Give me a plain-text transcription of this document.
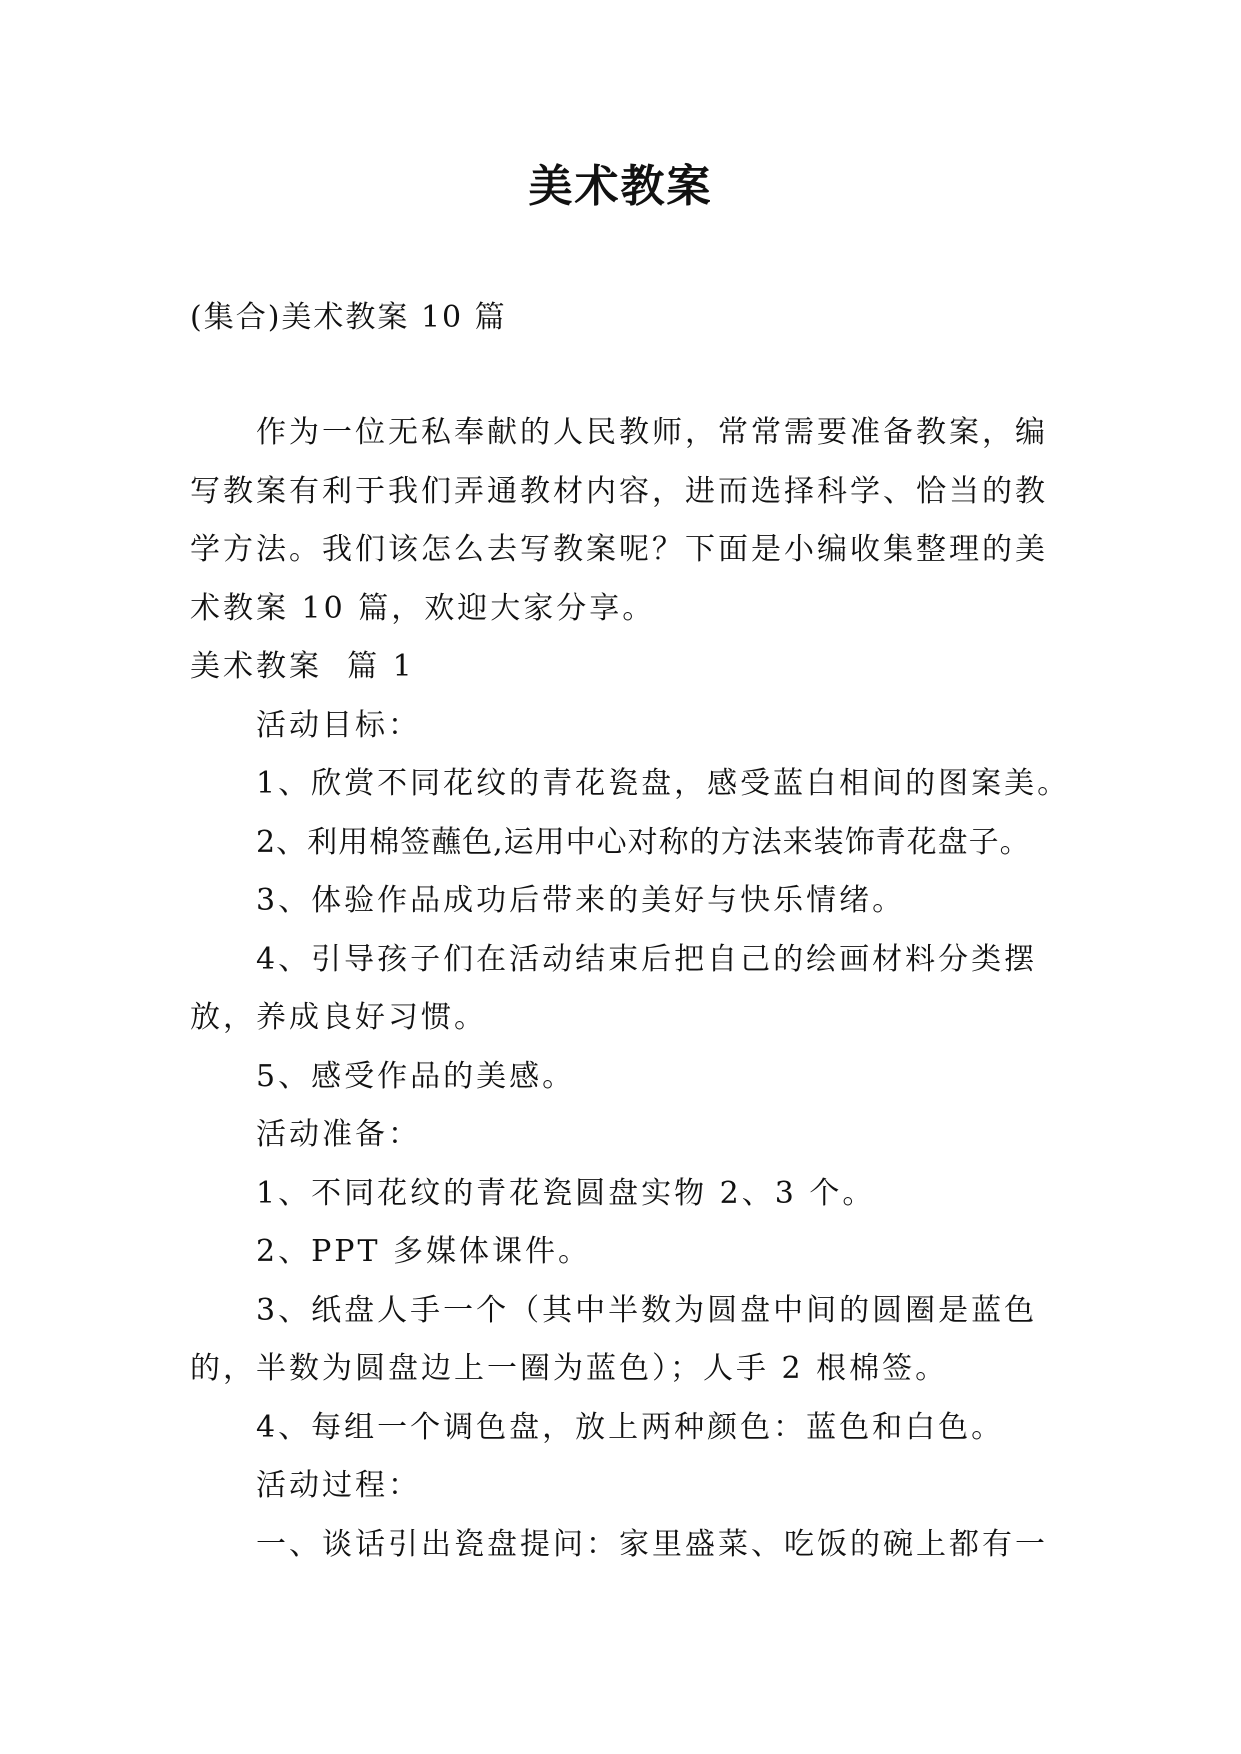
美术教案
(集合)美术教案 10 篇

作为一位无私奉献的人民教师，常常需要准备教案，编

写教案有利于我们弄通教材内容，进而选择科学、恰当的教

学方法。我们该怎么去写教案呢？下面是小编收集整理的美

术教案 10 篇，欢迎大家分享。

美术教案  篇 1

活动目标：

1、欣赏不同花纹的青花瓷盘，感受蓝白相间的图案美。

2、利用棉签蘸色,运用中心对称的方法来装饰青花盘子。

3、体验作品成功后带来的美好与快乐情绪。

4、引导孩子们在活动结束后把自己的绘画材料分类摆

放，养成良好习惯。

5、感受作品的美感。

活动准备：

1、不同花纹的青花瓷圆盘实物 2、3 个。

2、PPT 多媒体课件。

3、纸盘人手一个（其中半数为圆盘中间的圆圈是蓝色

的，半数为圆盘边上一圈为蓝色）；人手 2 根棉签。

4、每组一个调色盘，放上两种颜色：蓝色和白色。

活动过程：

一、谈话引出瓷盘提问：家里盛菜、吃饭的碗上都有一
